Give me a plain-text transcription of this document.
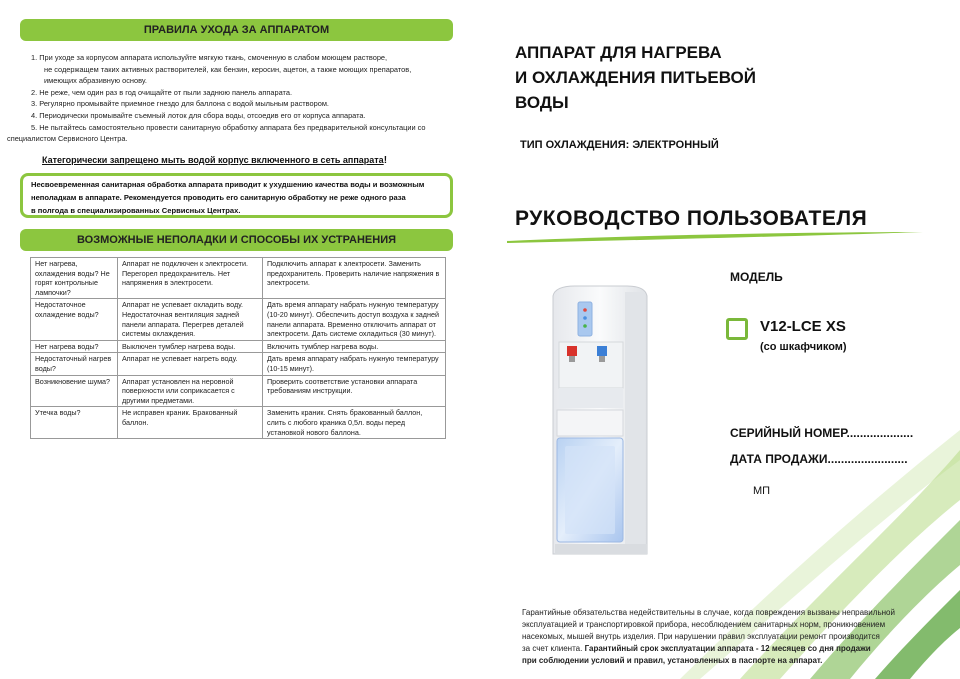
ПРАВИЛА УХОДА ЗА АППАРАТОМ
1. При уходе за корпусом аппарата используйте мягкую ткань, смоченную в слабом моющем растворе,
не содержащем таких активных растворителей, как бензин, керосин, ацетон, а также моющих препаратов,
имеющих абразивную основу.
2. Не реже, чем один раз в год очищайте от пыли заднюю панель аппарата.
3. Регулярно промывайте приемное гнездо для баллона с водой мыльным раствором.
4. Периодически промывайте съемный лоток для сбора воды, отсоедив его от корпуса аппарата.
5. Не пытайтесь самостоятельно провести санитарную обработку аппарата без предварительной консультации со
специалистом Сервисного Центра.
Категорически запрещено мыть водой корпус включенного в сеть аппарата!
Несвоевременная санитарная обработка аппарата приводит к ухудшению качества воды и возможным
неполадкам в аппарате. Рекомендуется проводить его санитарную обработку не реже одного раза
в полгода в специализированных Сервисных Центрах.
ВОЗМОЖНЫЕ НЕПОЛАДКИ И СПОСОБЫ ИХ УСТРАНЕНИЯ
Нет нагрева, охлаждения воды? Не горят контрольные лампочки?	Аппарат не подключен к электросети. Перегорел предохранитель. Нет напряжения в электросети.	Подключить аппарат к электросети. Заменить предохранитель. Проверить наличие напряжения в электросети.
Недостаточное охлаждение воды?	Аппарат не успевает охладить воду. Недостаточная вентиляция задней панели аппарата. Перегрев деталей системы охлаждения.	Дать время аппарату набрать нужную температуру (10-20 минут). Обеспечить доступ воздуха к задней панели аппарата. Временно отключить аппарат от электросети. Дать системе охладиться (30 минут).
Нет нагрева воды?	Выключен тумблер нагрева воды.	Включить тумблер нагрева воды.
Недостаточный нагрев воды?	Аппарат не успевает нагреть воду.	Дать время аппарату набрать нужную температуру (10-15 минут).
Возникновение шума?	Аппарат установлен на неровной поверхности или соприкасается с другими предметами.	Проверить соответствие установки аппарата требованиям инструкции.
Утечка воды?	Не исправен краник. Бракованный баллон.	Заменить краник. Снять бракованный баллон, слить с любого краника 0,5л. воды перед установкой нового баллона.
АППАРАТ ДЛЯ НАГРЕВА
И ОХЛАЖДЕНИЯ ПИТЬЕВОЙ
ВОДЫ
ТИП ОХЛАЖДЕНИЯ: ЭЛЕКТРОННЫЙ
РУКОВОДСТВО ПОЛЬЗОВАТЕЛЯ
МОДЕЛЬ
V12-LCE XS
(со шкафчиком)
СЕРИЙНЫЙ НОМЕР....................
ДАТА ПРОДАЖИ........................
МП
Гарантийные обязательства недействительны в случае, когда повреждения вызваны неправильной
эксплуатацией и транспортировкой прибора, несоблюдением санитарных норм, проникновением
насекомых, мышей внутрь изделия. При нарушении правил эксплуатации ремонт производится
за счет клиента. Гарантийный срок эксплуатации аппарата - 12 месяцев со дня продажи
при соблюдении условий и правил, установленных в паспорте на аппарат.
